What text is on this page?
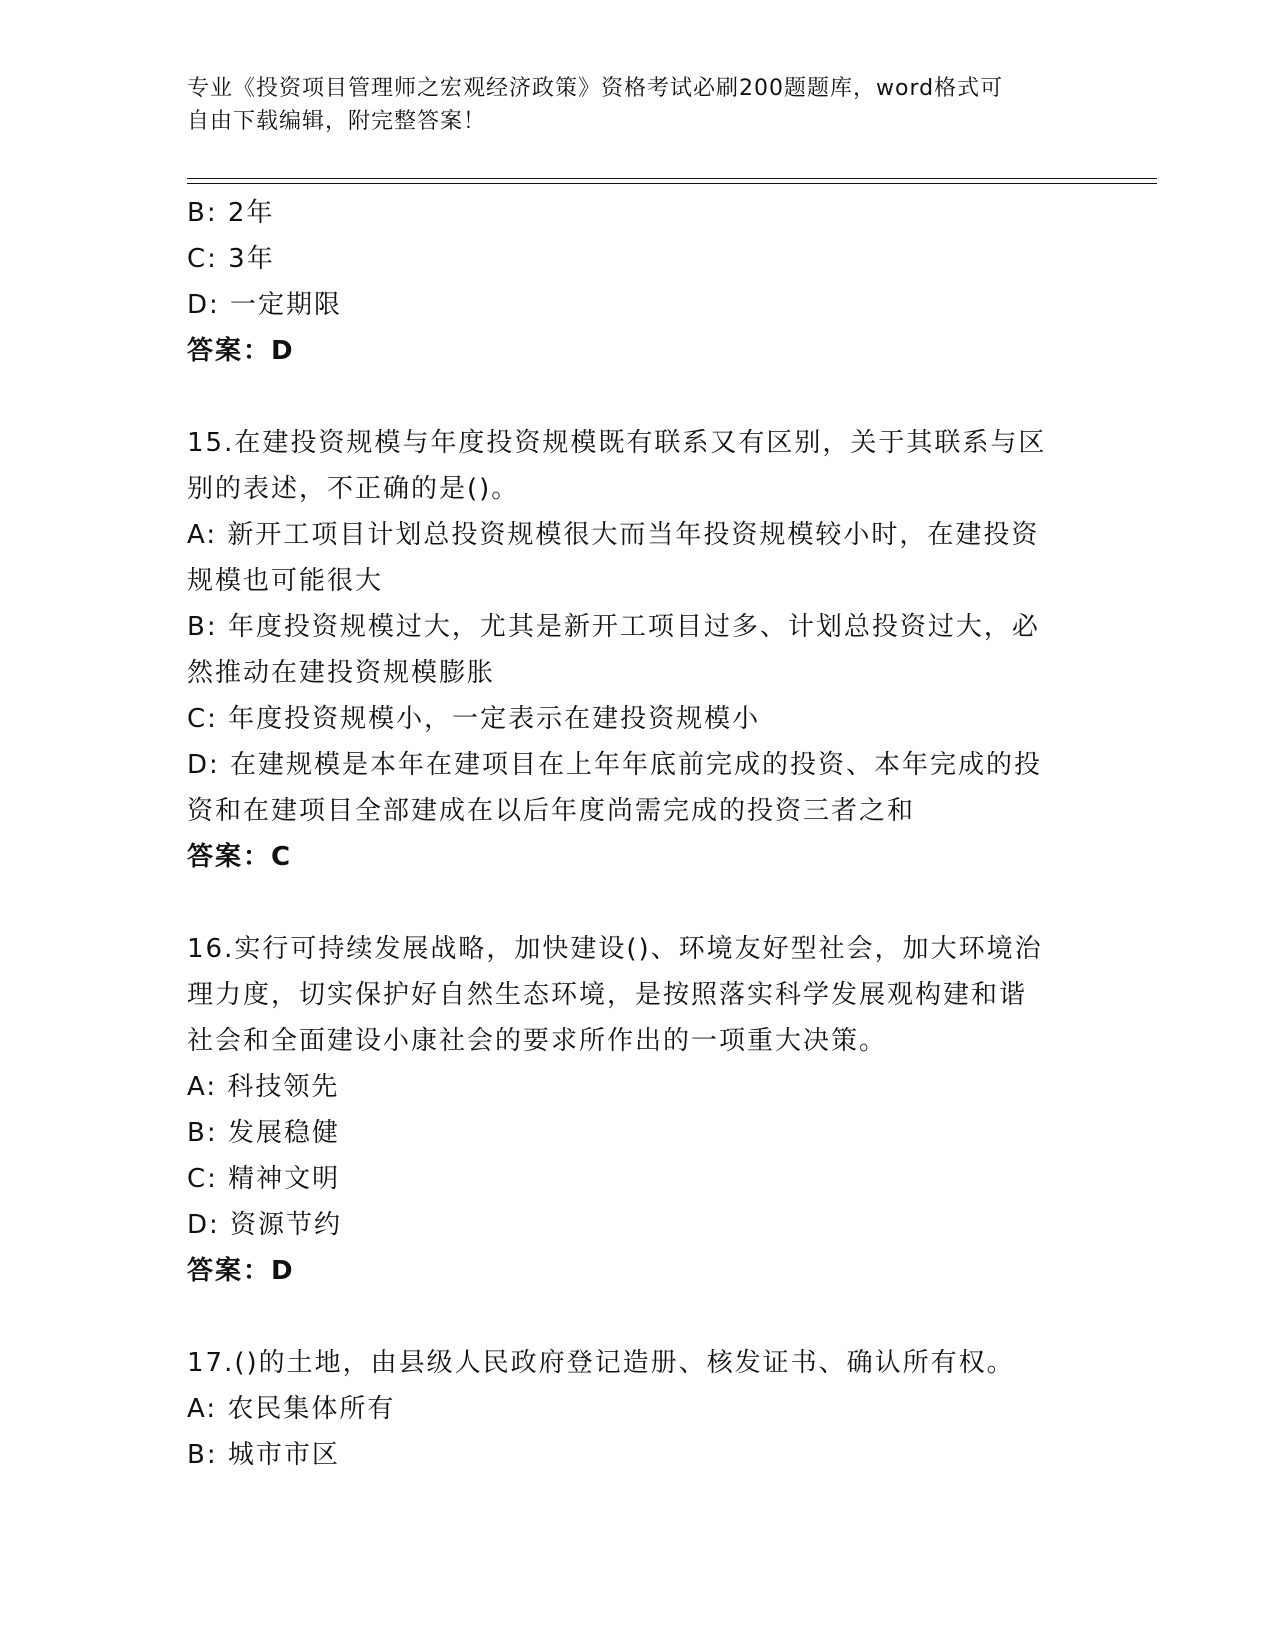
专业《投资项目管理师之宏观经济政策》资格考试必刷200题题库，word格式可
自由下载编辑，附完整答案！
B: 2年
C: 3年
D: 一定期限
答案：D
15.在建投资规模与年度投资规模既有联系又有区别，关于其联系与区
别的表述，不正确的是()。
A: 新开工项目计划总投资规模很大而当年投资规模较小时，在建投资
规模也可能很大
B: 年度投资规模过大，尤其是新开工项目过多、计划总投资过大，必
然推动在建投资规模膨胀
C: 年度投资规模小，一定表示在建投资规模小
D: 在建规模是本年在建项目在上年年底前完成的投资、本年完成的投
资和在建项目全部建成在以后年度尚需完成的投资三者之和
答案：C
16.实行可持续发展战略，加快建设()、环境友好型社会，加大环境治
理力度，切实保护好自然生态环境，是按照落实科学发展观构建和谐
社会和全面建设小康社会的要求所作出的一项重大决策。
A: 科技领先
B: 发展稳健
C: 精神文明
D: 资源节约
答案：D
17.()的土地，由县级人民政府登记造册、核发证书、确认所有权。
A: 农民集体所有
B: 城市市区
